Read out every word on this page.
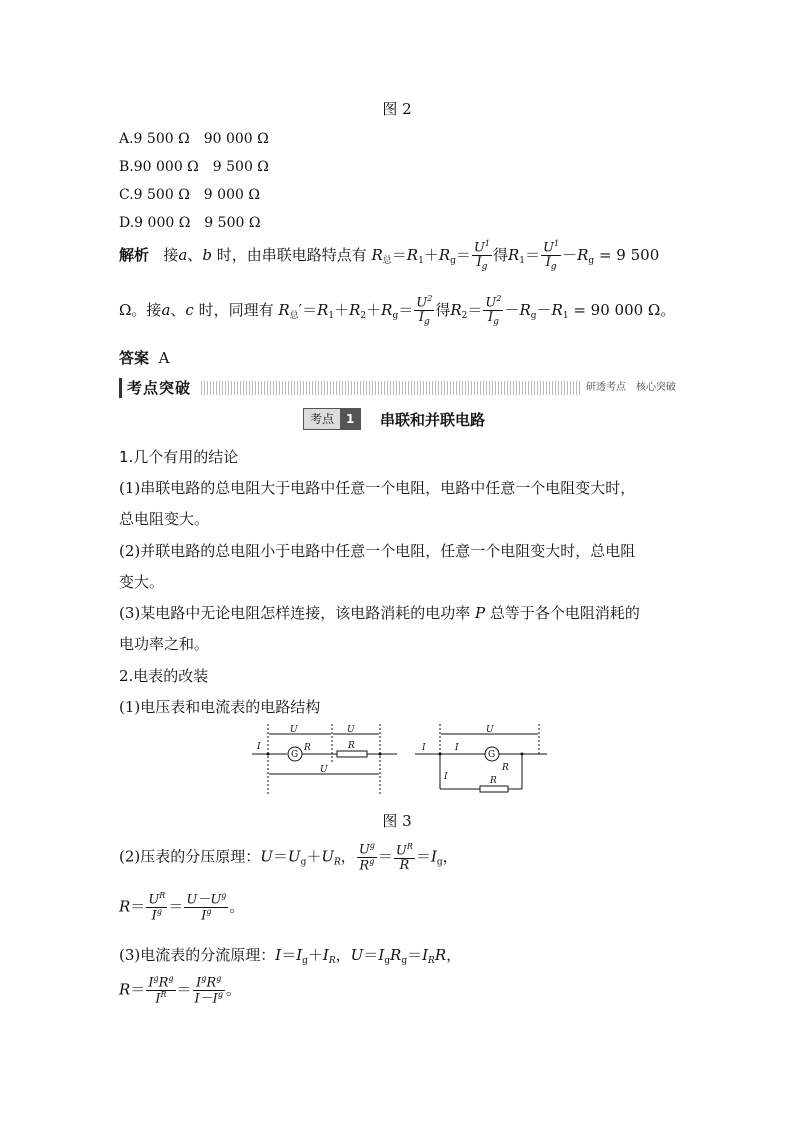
图 2
A.9 500 Ω　90 000 Ω
B.90 000 Ω　9 500 Ω
C.9 500 Ω　9 000 Ω
D.9 000 Ω　9 500 Ω
解析 接a、b 时，由串联电路特点有 $R_总=R_1+R_g= \frac{U^1}{I_g}$ 得$R_1= \frac{U^1}{I_g} -R_g = 9$ 500
Ω。接a、c 时，同理有 $R_总'=R_1+R_2+R_g= \frac{U^2}{I_g}$ 得$R_2= \frac{U^2}{I_g} -R_g-R_1 = 90$ 000 Ω。
答案 A
考点突破	研透考点　核心突破
考点	1	串联和并联电路
1.几个有用的结论
(1)串联电路的总电阻大于电路中任意一个电阻，电路中任意一个电阻变大时，
总电阻变大。
(2)并联电路的总电阻小于电路中任意一个电阻，任意一个电阻变大时，总电阻
变大。
(3)某电路中无论电阻怎样连接，该电路消耗的电功率 P 总等于各个电阻消耗的
电功率之和。
2.电表的改装
(1)电压表和电流表的电路结构
I
U	U
G
R	R
U
I	I
U
G
R
I	R
图 3
(2)压表的分压原理：$U=U_g+U_R$， $\frac{U^g}{R^g} = \frac{U^R}{R} =I_g$，
$R= \frac{U^R}{I^g} = \frac{U-U^g}{I^g}$ 。
(3)电流表的分流原理：$I=I_g+I_R$，$U=I_gR_g=I_RR$，
$R= \frac{I^gR^g}{I^R} = \frac{I^gR^g}{I-I^g}$ 。
